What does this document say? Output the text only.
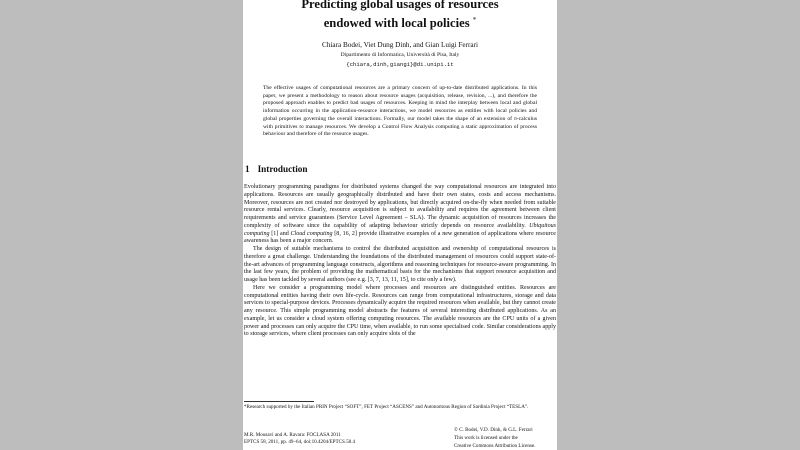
Predicting global usages of resources
endowed with local policies *
Chiara Bodei, Viet Dung Dinh, and Gian Luigi Ferrari
Dipartimento di Informatica, Università di Pisa, Italy
{chiara,dinh,giangi}@di.unipi.it
The effective usages of computational resources are a primary concern of up-to-date distributed applications. In this paper, we present a methodology to reason about resource usages (acquisition, release, revision, ...), and therefore the proposed approach enables to predict bad usages of resources. Keeping in mind the interplay between local and global information occurring in the application-resource interactions, we model resources as entities with local policies and global properties governing the overall interactions. Formally, our model takes the shape of an extension of π-calculus with primitives to manage resources. We develop a Control Flow Analysis computing a static approximation of process behaviour and therefore of the resource usages.
1 Introduction

Evolutionary programming paradigms for distributed systems changed the way computational resources are integrated into applications. Resources are usually geographically distributed and have their own states, costs and access mechanisms. Moreover, resources are not created nor destroyed by applications, but directly acquired on-the-fly when needed from suitable resource rental services. Clearly, resource acquisition is subject to availability and requires the agreement between client requirements and service guarantees (Service Level Agreement – SLA). The dynamic acquisition of resources increases the complexity of software since the capability of adapting behaviour strictly depends on resource availability. Ubiquitous computing [1] and Cloud computing [8, 16, 2] provide illustrative examples of a new generation of applications where resource awareness has been a major concern.

The design of suitable mechanisms to control the distributed acquisition and ownership of computational resources is therefore a great challenge. Understanding the foundations of the distributed management of resources could support state-of-the-art advances of programming language constructs, algorithms and reasoning techniques for resource-aware programming. In the last few years, the problem of providing the mathematical basis for the mechanisms that support resource acquisition and usage has been tackled by several authors (see e.g. [3, 7, 13, 11, 15], to cite only a few).

Here we consider a programming model where processes and resources are distinguished entities. Resources are computational entities having their own life-cycle. Resources can range from computational infrastructures, storage and data services to special-purpose devices. Processes dynamically acquire the required resources when available, but they cannot create any resource. This simple programming model abstracts the features of several interesting distributed applications. As an example, let us consider a cloud system offering computing resources. The available resources are the CPU units of a given power and processes can only acquire the CPU time, when available, to run some specialised code. Similar considerations apply to storage services, where client processes can only acquire slots of the

*Research supported by the Italian PRIN Project “SOFT”, FET Project “ASCENS” and Autonomous Region of Sardinia Project “TESLA”.
M.R. Mousavi and A. Ravara: FOCLASA 2011
EPTCS 58, 2011, pp. 49–64, doi:10.4204/EPTCS.58.4
© C. Bodei, V.D. Dinh, & G.L. Ferrari
This work is licensed under the
Creative Commons Attribution License.
